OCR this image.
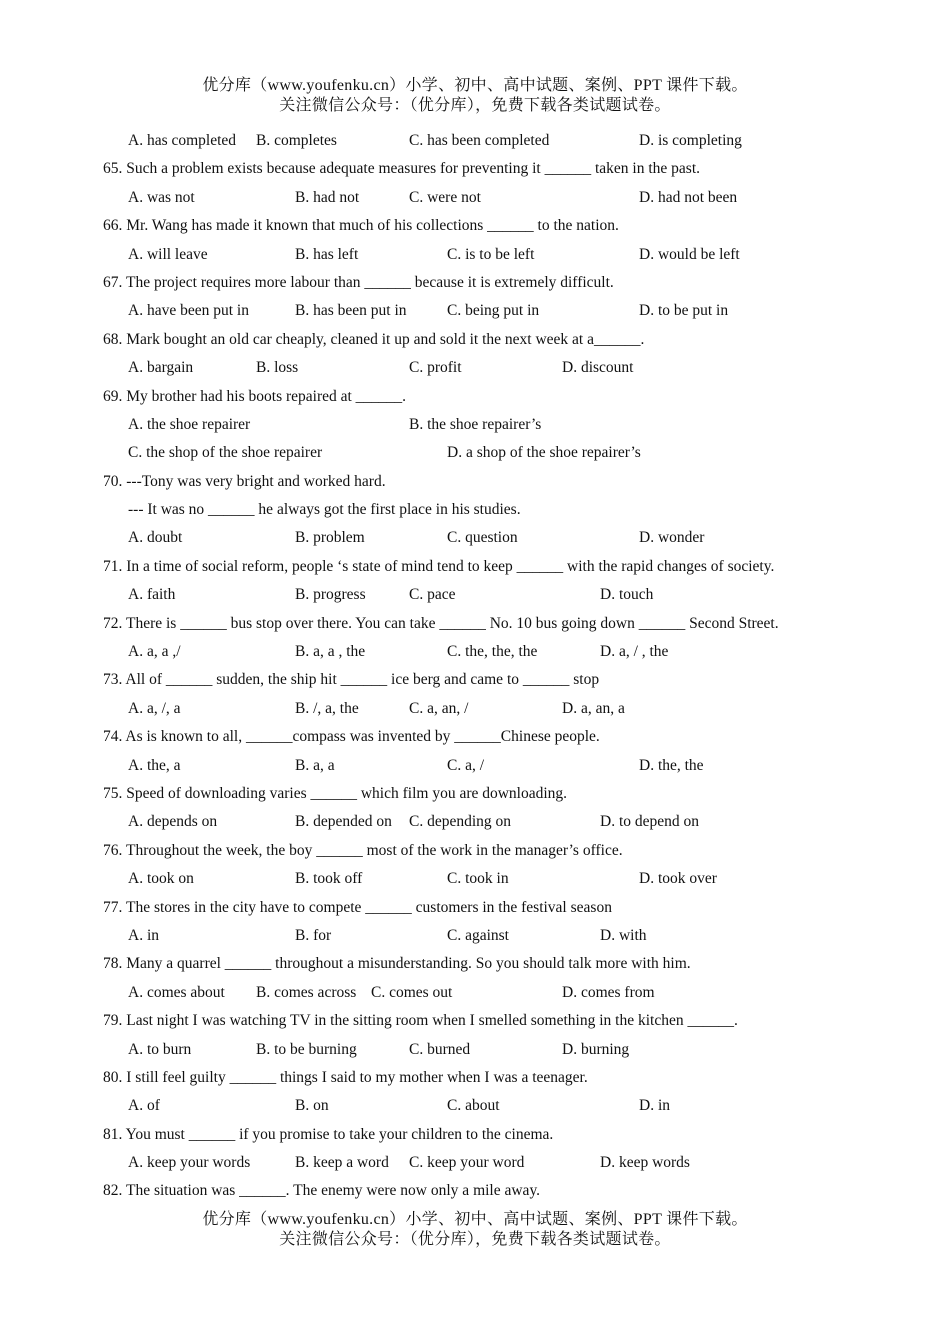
优分库（www.youfenku.cn）小学、初中、高中试题、案例、PPT 课件下载。
关注微信公众号：（优分库），免费下载各类试题试卷。
A. has completed B. completes	C. has been completed	D. is completing
65. Such a problem exists because adequate measures for preventing it ______ taken in the past.
A. was not	B. had not	C. were not	D. had not been
66. Mr. Wang has made it known that much of his collections ______ to the nation.
A. will leave	B. has left	C. is to be left	D. would be left
67. The project requires more labour than ______ because it is extremely difficult.
A. have been put in	B. has been put in	C. being put in	D. to be put in
68. Mark bought an old car cheaply, cleaned it up and sold it the next week at a______.
A. bargain	B. loss	C. profit	D. discount
69. My brother had his boots repaired at ______.
A. the shoe repairer	B. the shoe repairer’s
C. the shop of the shoe repairer	D. a shop of the shoe repairer’s
70. ---Tony was very bright and worked hard.
--- It was no ______ he always got the first place in his studies.
A. doubt	B. problem	C. question	D. wonder
71. In a time of social reform, people ‘s state of mind tend to keep ______ with the rapid changes of society.
A. faith	B. progress	C. pace	D. touch
72. There is ______ bus stop over there. You can take ______ No. 10 bus going down ______ Second Street.
A. a, a ,/	B. a, a , the	C. the, the, the	D. a, / , the
73. All of ______ sudden, the ship hit ______ ice berg and came to ______ stop
A. a, /, a	B. /, a, the	C. a, an, /	D. a, an, a
74. As is known to all, ______compass was invented by ______Chinese people.
A. the, a	B. a, a	C. a, /	D. the, the
75. Speed of downloading varies ______ which film you are downloading.
A. depends on	B. depended on C. depending on	D. to depend on
76. Throughout the week, the boy ______ most of the work in the manager’s office.
A. took on	B. took off	C. took in	D. took over
77. The stores in the city have to compete ______ customers in the festival season
A. in	B. for	C. against	D. with
78. Many a quarrel ______ throughout a misunderstanding. So you should talk more with him.
A. comes about B. comes across C. comes out	D. comes from
79. Last night I was watching TV in the sitting room when I smelled something in the kitchen ______.
A. to burn	B. to be burning	C. burned	D. burning
80. I still feel guilty ______ things I said to my mother when I was a teenager.
A. of	B. on	C. about	D. in
81. You must ______ if you promise to take your children to the cinema.
A. keep your words	B. keep a word C. keep your word	D. keep words
82. The situation was ______. The enemy were now only a mile away.
优分库（www.youfenku.cn）小学、初中、高中试题、案例、PPT 课件下载。
关注微信公众号：（优分库），免费下载各类试题试卷。
